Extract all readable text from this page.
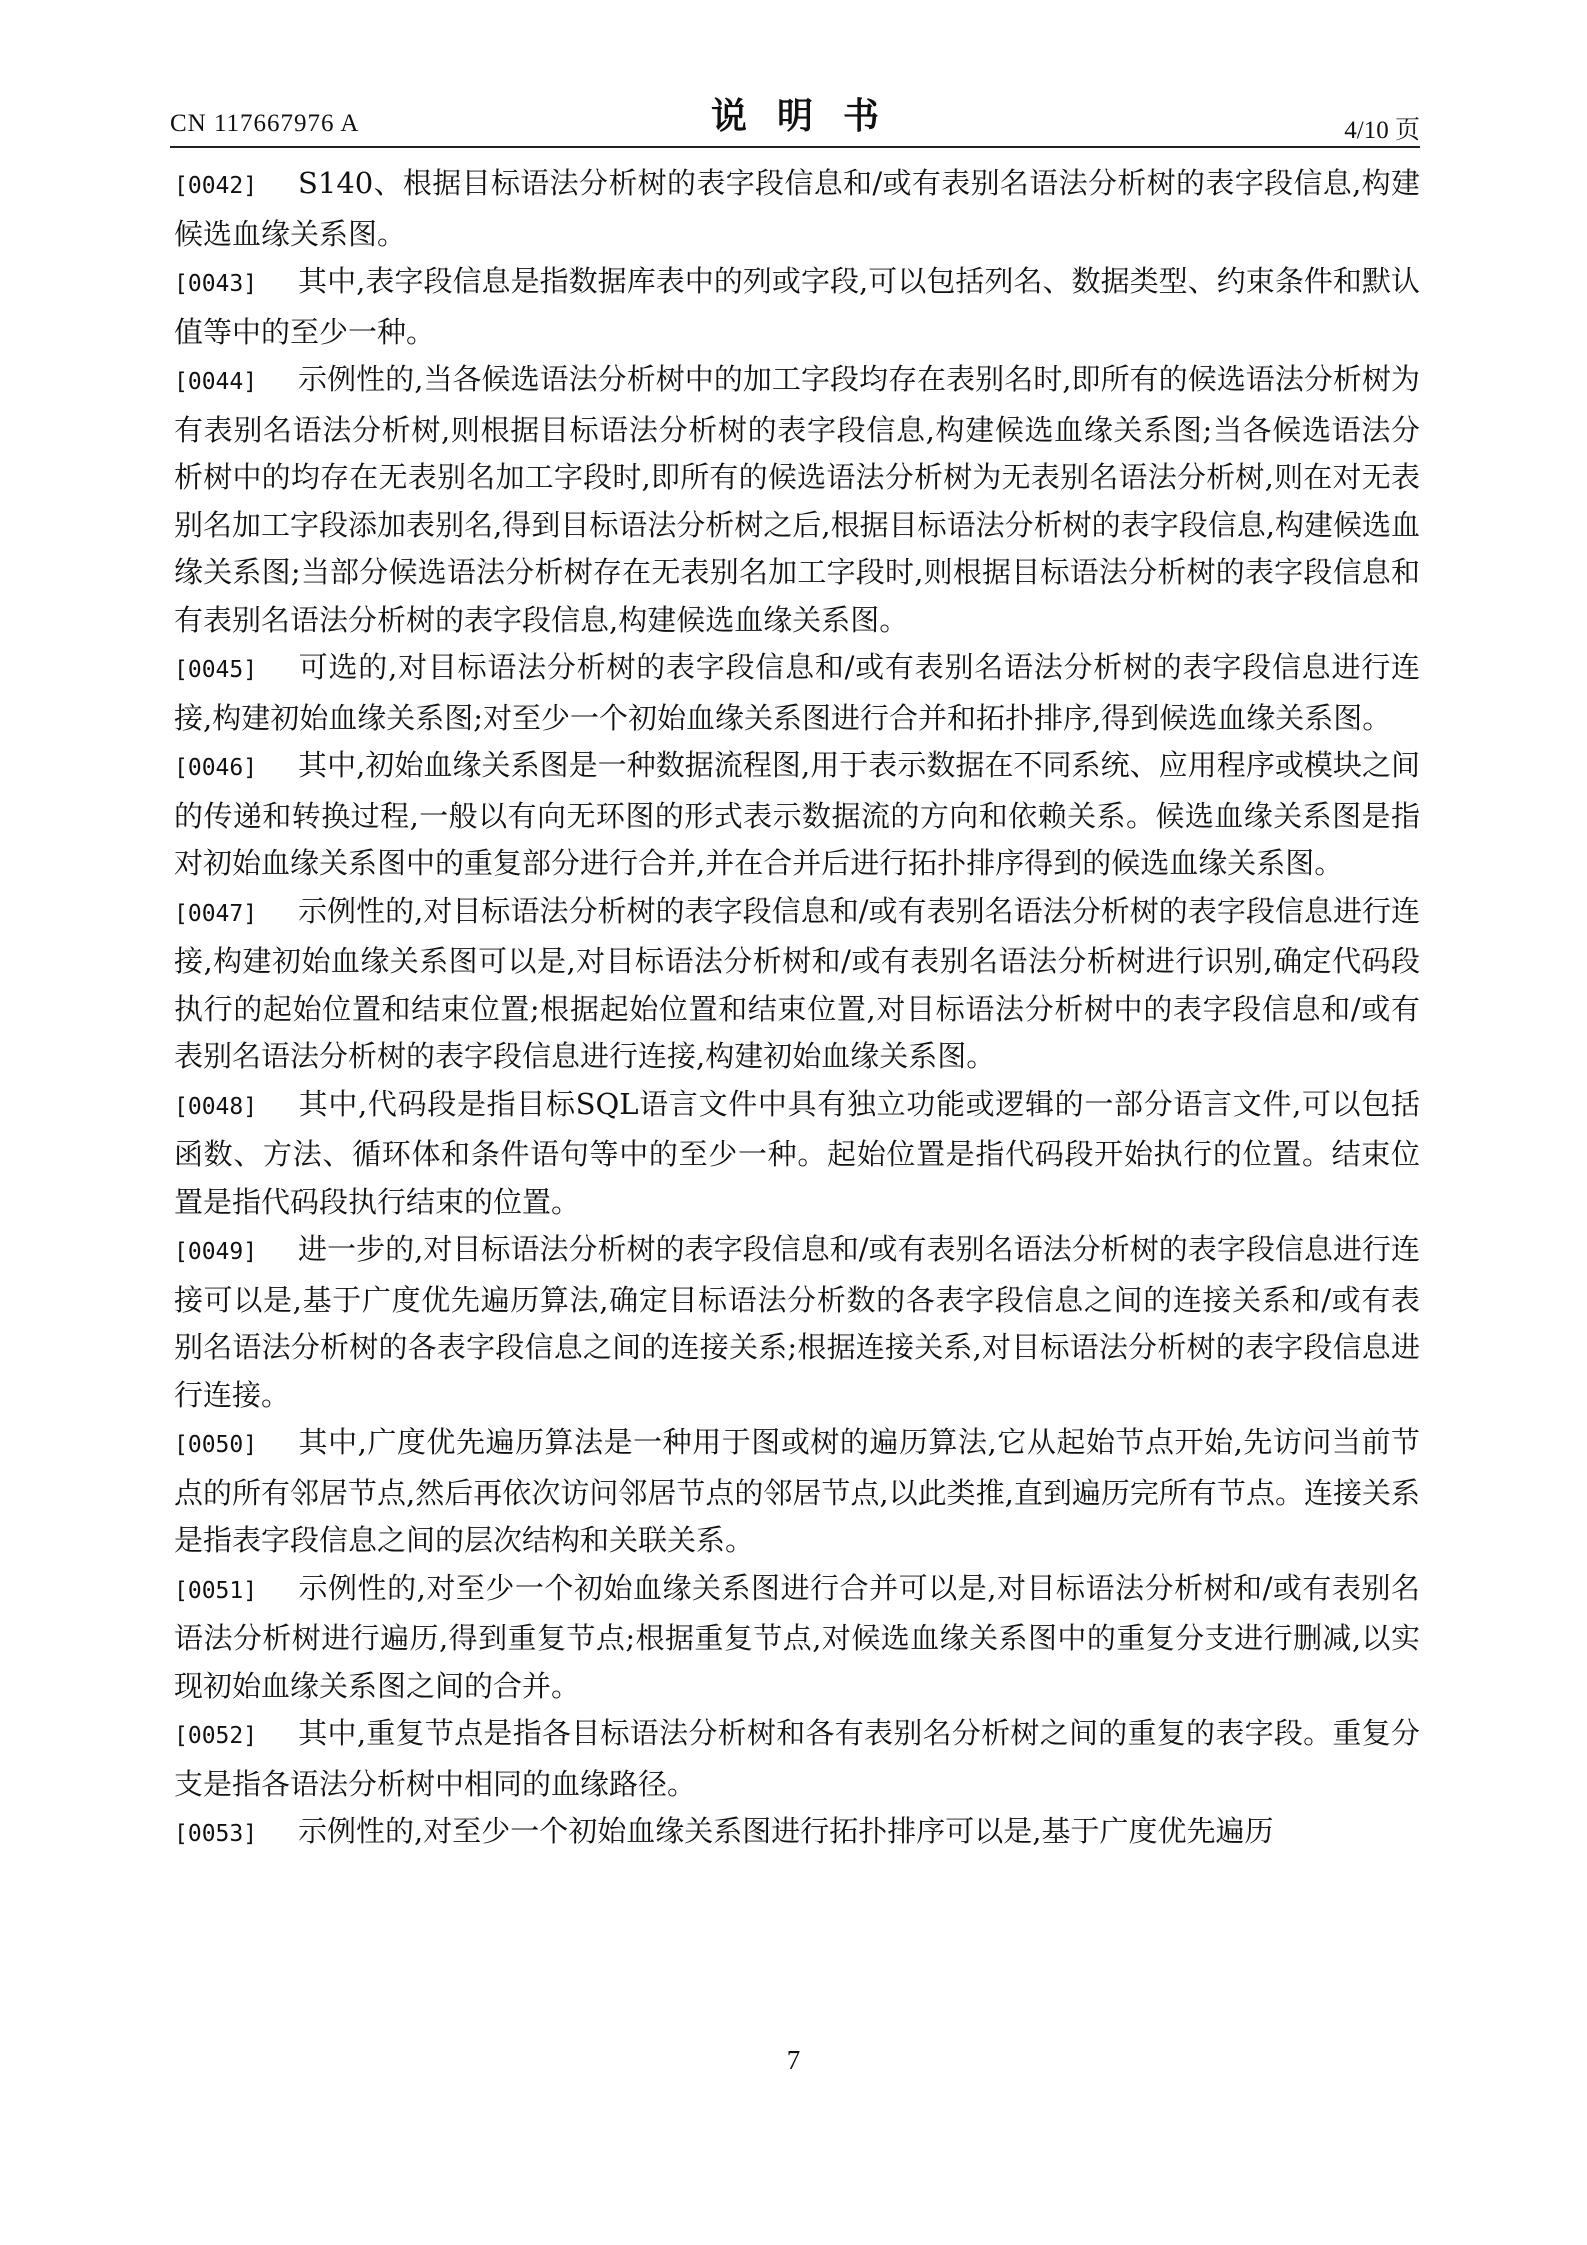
CN 117667976 A	说明书	4/10 页

[0042] S140、根据目标语法分析树的表字段信息和/或有表别名语法分析树的表字段信息,构建候选血缘关系图。

[0043] 其中,表字段信息是指数据库表中的列或字段,可以包括列名、数据类型、约束条件和默认值等中的至少一种。

[0044] 示例性的,当各候选语法分析树中的加工字段均存在表别名时,即所有的候选语法分析树为有表别名语法分析树,则根据目标语法分析树的表字段信息,构建候选血缘关系图;当各候选语法分析树中的均存在无表别名加工字段时,即所有的候选语法分析树为无表别名语法分析树,则在对无表别名加工字段添加表别名,得到目标语法分析树之后,根据目标语法分析树的表字段信息,构建候选血缘关系图;当部分候选语法分析树存在无表别名加工字段时,则根据目标语法分析树的表字段信息和有表别名语法分析树的表字段信息,构建候选血缘关系图。

[0045] 可选的,对目标语法分析树的表字段信息和/或有表别名语法分析树的表字段信息进行连接,构建初始血缘关系图;对至少一个初始血缘关系图进行合并和拓扑排序,得到候选血缘关系图。

[0046] 其中,初始血缘关系图是一种数据流程图,用于表示数据在不同系统、应用程序或模块之间的传递和转换过程,一般以有向无环图的形式表示数据流的方向和依赖关系。候选血缘关系图是指对初始血缘关系图中的重复部分进行合并,并在合并后进行拓扑排序得到的候选血缘关系图。

[0047] 示例性的,对目标语法分析树的表字段信息和/或有表别名语法分析树的表字段信息进行连接,构建初始血缘关系图可以是,对目标语法分析树和/或有表别名语法分析树进行识别,确定代码段执行的起始位置和结束位置;根据起始位置和结束位置,对目标语法分析树中的表字段信息和/或有表别名语法分析树的表字段信息进行连接,构建初始血缘关系图。

[0048] 其中,代码段是指目标SQL语言文件中具有独立功能或逻辑的一部分语言文件,可以包括函数、方法、循环体和条件语句等中的至少一种。起始位置是指代码段开始执行的位置。结束位置是指代码段执行结束的位置。

[0049] 进一步的,对目标语法分析树的表字段信息和/或有表别名语法分析树的表字段信息进行连接可以是,基于广度优先遍历算法,确定目标语法分析数的各表字段信息之间的连接关系和/或有表别名语法分析树的各表字段信息之间的连接关系;根据连接关系,对目标语法分析树的表字段信息进行连接。

[0050] 其中,广度优先遍历算法是一种用于图或树的遍历算法,它从起始节点开始,先访问当前节点的所有邻居节点,然后再依次访问邻居节点的邻居节点,以此类推,直到遍历完所有节点。连接关系是指表字段信息之间的层次结构和关联关系。

[0051] 示例性的,对至少一个初始血缘关系图进行合并可以是,对目标语法分析树和/或有表别名语法分析树进行遍历,得到重复节点;根据重复节点,对候选血缘关系图中的重复分支进行删减,以实现初始血缘关系图之间的合并。

[0052] 其中,重复节点是指各目标语法分析树和各有表别名分析树之间的重复的表字段。重复分支是指各语法分析树中相同的血缘路径。

[0053] 示例性的,对至少一个初始血缘关系图进行拓扑排序可以是,基于广度优先遍历

7
